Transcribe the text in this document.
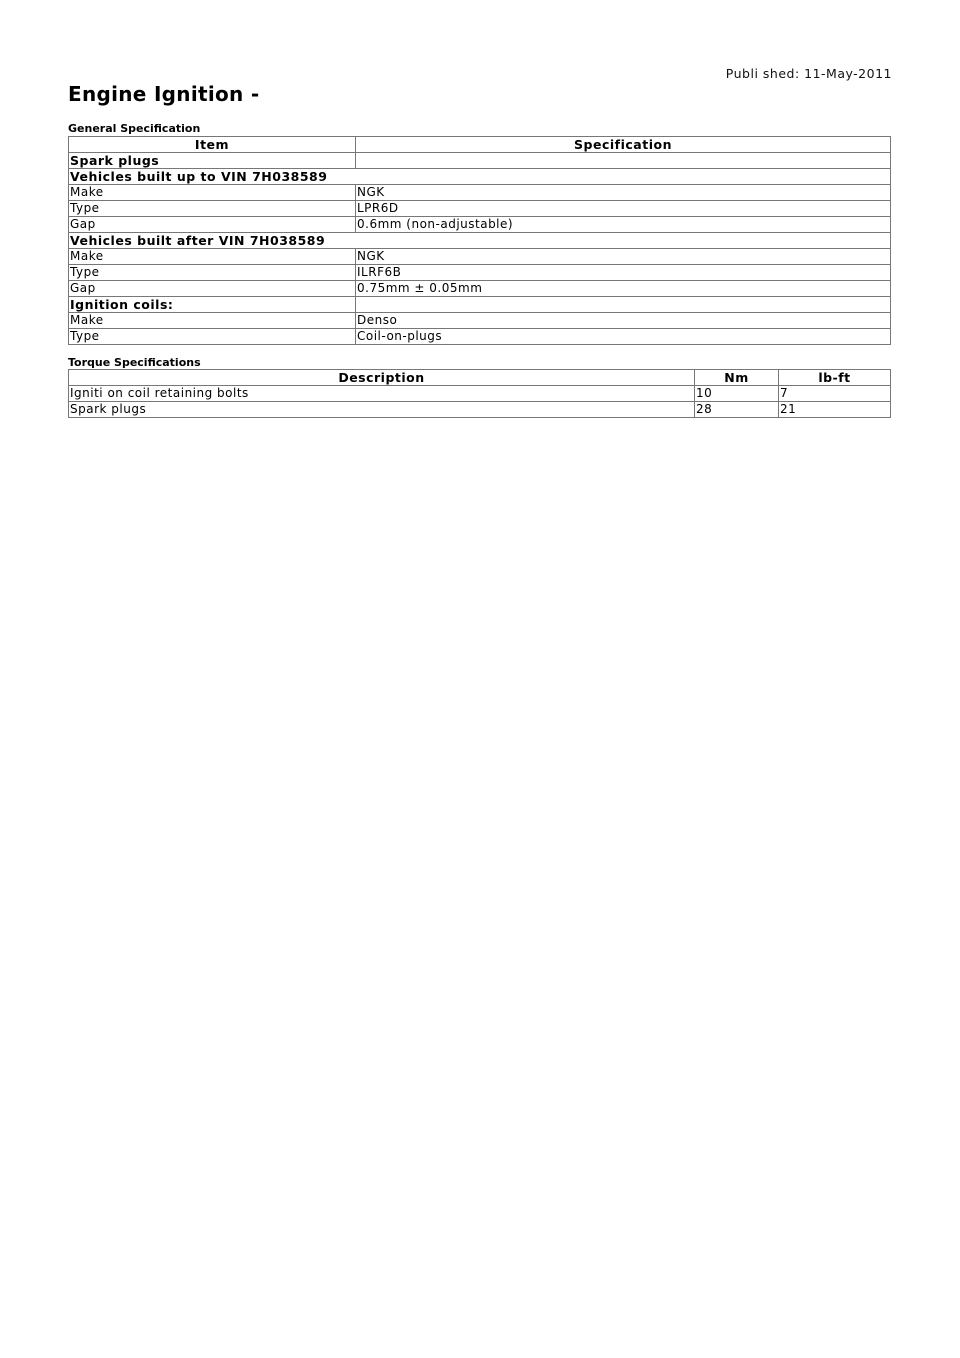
Publi shed: 11-May-2011
Engine Ignition -
General Specification
Item	Specification
Spark plugs	
Vehicles built up to VIN 7H038589	
Make	NGK
Type	LPR6D
Gap	0.6mm (non-adjustable)
Vehicles built after VIN 7H038589	
Make	NGK
Type	ILRF6B
Gap	0.75mm ± 0.05mm
Ignition coils:	
Make	Denso
Type	Coil-on-plugs
Torque Specifications
Description	Nm	lb-ft
Igniti on coil retaining bolts	10	7
Spark plugs	28	21
